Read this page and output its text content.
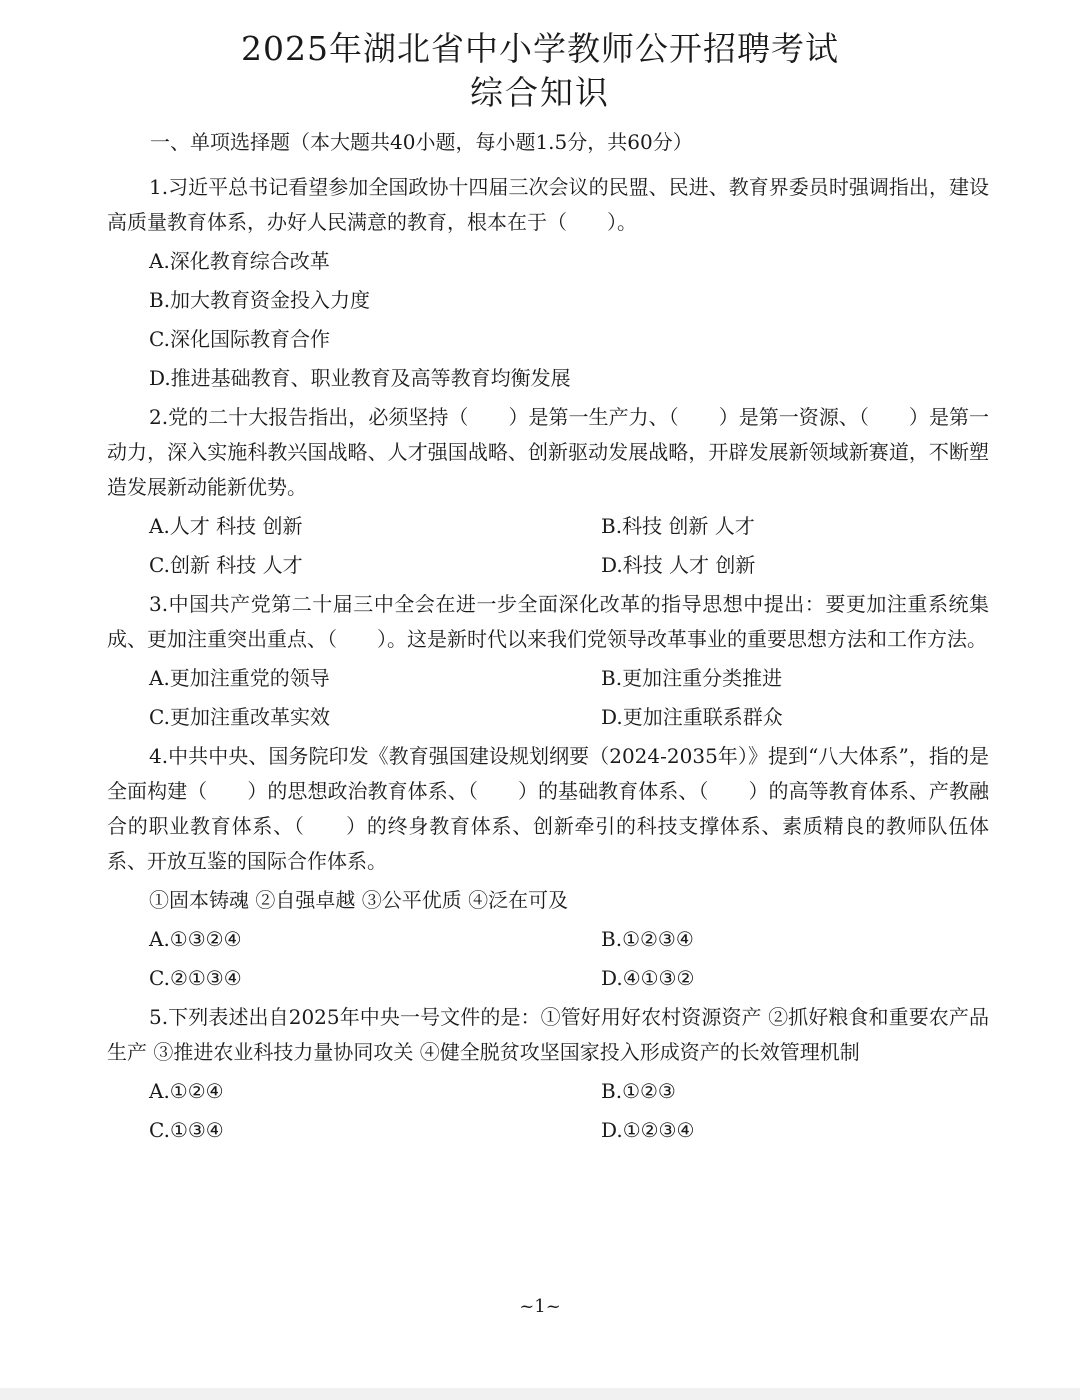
2025年湖北省中小学教师公开招聘考试
综合知识
一、单项选择题（本大题共40小题，每小题1.5分，共60分）

1.习近平总书记看望参加全国政协十四届三次会议的民盟、民进、教育界委员时强调指出，建设高质量教育体系，办好人民满意的教育，根本在于（　　）。

A.深化教育综合改革
B.加大教育资金投入力度
C.深化国际教育合作
D.推进基础教育、职业教育及高等教育均衡发展

2.党的二十大报告指出，必须坚持（　　）是第一生产力、（　　）是第一资源、（　　）是第一动力，深入实施科教兴国战略、人才强国战略、创新驱动发展战略，开辟发展新领域新赛道，不断塑造发展新动能新优势。

A.人才 科技 创新	B.科技 创新 人才
C.创新 科技 人才	D.科技 人才 创新

3.中国共产党第二十届三中全会在进一步全面深化改革的指导思想中提出：要更加注重系统集成、更加注重突出重点、（　　）。这是新时代以来我们党领导改革事业的重要思想方法和工作方法。

A.更加注重党的领导	B.更加注重分类推进
C.更加注重改革实效	D.更加注重联系群众

4.中共中央、国务院印发《教育强国建设规划纲要（2024-2035年）》提到“八大体系”，指的是全面构建（　　）的思想政治教育体系、（　　）的基础教育体系、（　　）的高等教育体系、产教融合的职业教育体系、（　　）的终身教育体系、创新牵引的科技支撑体系、素质精良的教师队伍体系、开放互鉴的国际合作体系。

①固本铸魂 ②自强卓越 ③公平优质 ④泛在可及
A.①③②④	B.①②③④
C.②①③④	D.④①③②

5.下列表述出自2025年中央一号文件的是：①管好用好农村资源资产 ②抓好粮食和重要农产品生产 ③推进农业科技力量协同攻关 ④健全脱贫攻坚国家投入形成资产的长效管理机制

A.①②④	B.①②③
C.①③④	D.①②③④
~1~
